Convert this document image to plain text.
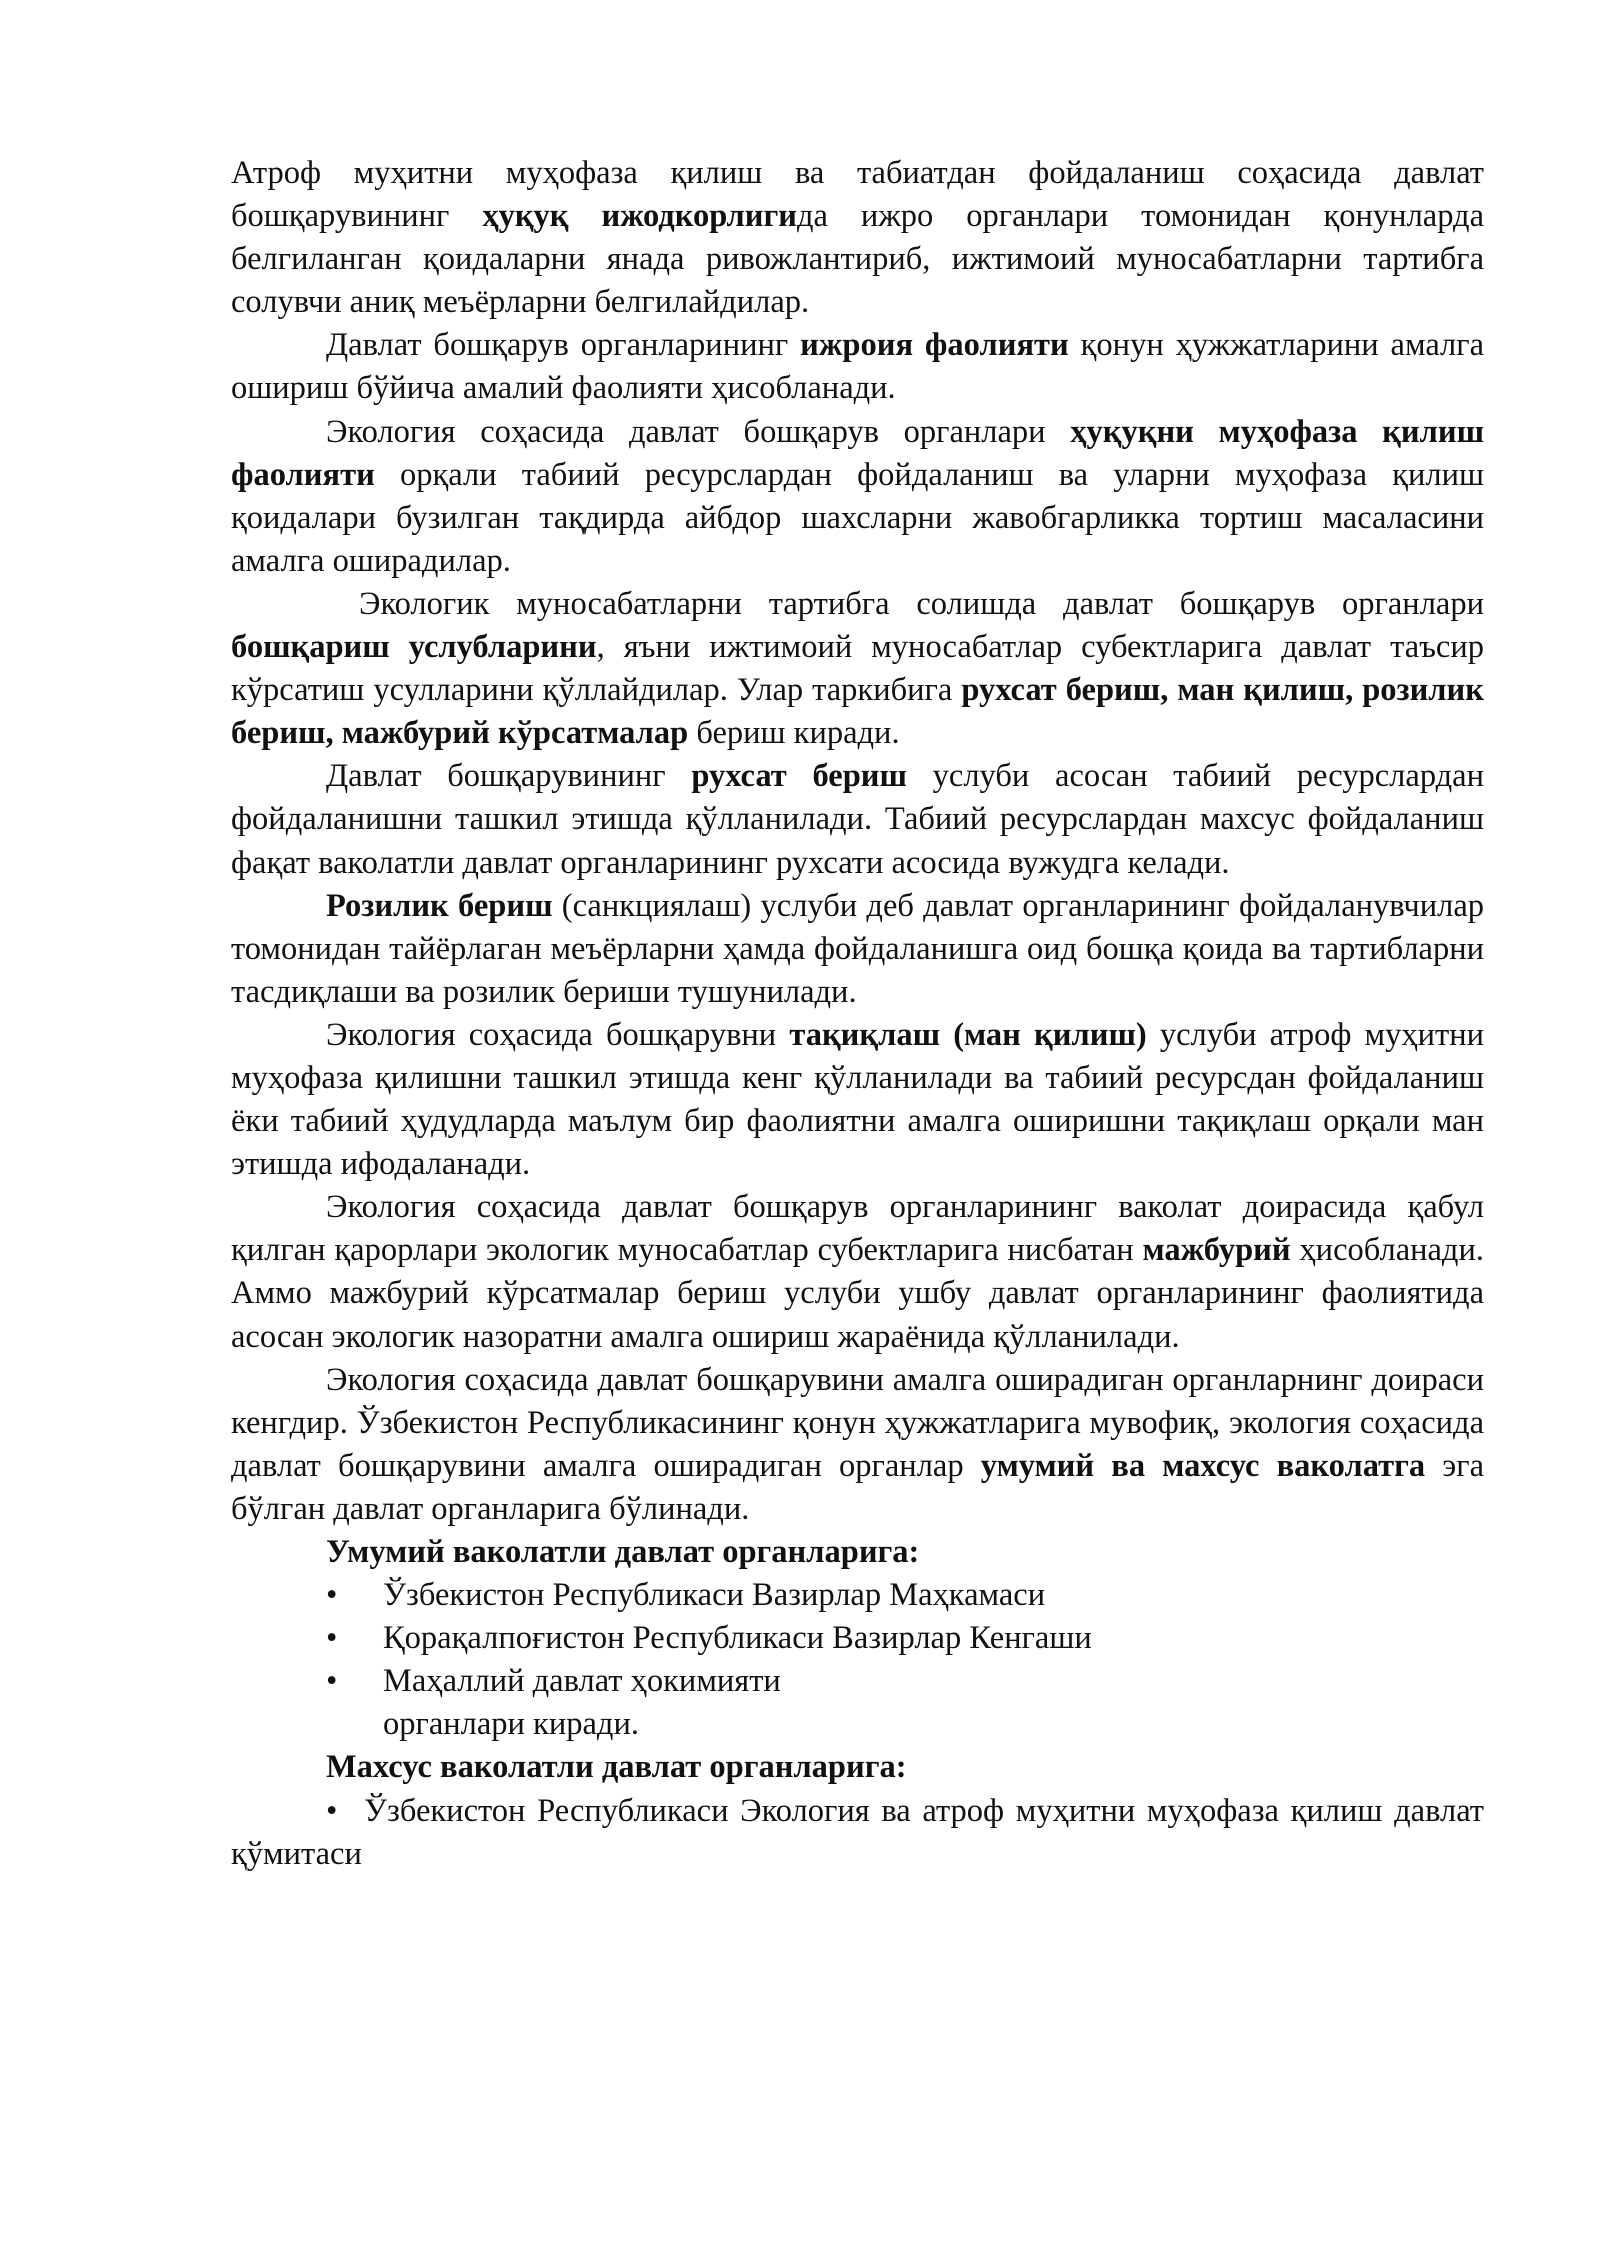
Атроф муҳитни муҳофаза қилиш ва табиатдан фойдаланиш соҳасида давлат бошқарувининг ҳуқуқ ижодкорлигида ижро органлари томонидан қонунларда белгиланган қоидаларни янада ривожлантириб, ижтимоий муносабатларни тартибга солувчи аниқ меъёрларни белгилайдилар.

Давлат бошқарув органларининг ижроия фаолияти қонун ҳужжатларини амалга ошириш бўйича амалий фаолияти ҳисобланади.

Экология соҳасида давлат бошқарув органлари ҳуқуқни муҳофаза қилиш фаолияти орқали табиий ресурслардан фойдаланиш ва уларни муҳофаза қилиш қоидалари бузилган тақдирда айбдор шахсларни жавобгарликка тортиш масаласини амалга оширадилар.

Экологик муносабатларни тартибга солишда давлат бошқарув органлари бошқариш услубларини, яъни ижтимоий муносабатлар субектларига давлат таъсир кўрсатиш усулларини қўллайдилар. Улар таркибига рухсат бериш, ман қилиш, розилик бериш, мажбурий кўрсатмалар бериш киради.

Давлат бошқарувининг рухсат бериш услуби асосан табиий ресурслардан фойдаланишни ташкил этишда қўлланилади. Табиий ресурслардан махсус фойдаланиш фақат ваколатли давлат органларининг рухсати асосида вужудга келади.

Розилик бериш (санкциялаш) услуби деб давлат органларининг фойдаланувчилар томонидан тайёрлаган меъёрларни ҳамда фойдаланишга оид бошқа қоида ва тартибларни тасдиқлаши ва розилик бериши тушунилади.

Экология соҳасида бошқарувни тақиқлаш (ман қилиш) услуби атроф муҳитни муҳофаза қилишни ташкил этишда кенг қўлланилади ва табиий ресурсдан фойдаланиш ёки табиий ҳудудларда маълум бир фаолиятни амалга оширишни тақиқлаш орқали ман этишда ифодаланади.

Экология соҳасида давлат бошқарув органларининг ваколат доирасида қабул қилган қарорлари экологик муносабатлар субектларига нисбатан мажбурий ҳисобланади. Аммо мажбурий кўрсатмалар бериш услуби ушбу давлат органларининг фаолиятида асосан экологик назоратни амалга ошириш жараёнида қўлланилади.

Экология соҳасида давлат бошқарувини амалга оширадиган органларнинг доираси кенгдир. Ўзбекистон Республикасининг қонун ҳужжатларига мувофиқ, экология соҳасида давлат бошқарувини амалга оширадиган органлар умумий ва махсус ваколатга эга бўлган давлат органларига бўлинади.

Умумий ваколатли давлат органларига:

•	Ўзбекистон Республикаси Вазирлар Маҳкамаси
•	Қорақалпоғистон Республикаси Вазирлар Кенгаши
•	Маҳаллий давлат ҳокимияти

органлари киради.

Махсус ваколатли давлат органларига:

• Ўзбекистон Республикаси Экология ва атроф муҳитни муҳофаза қилиш давлат қўмитаси
